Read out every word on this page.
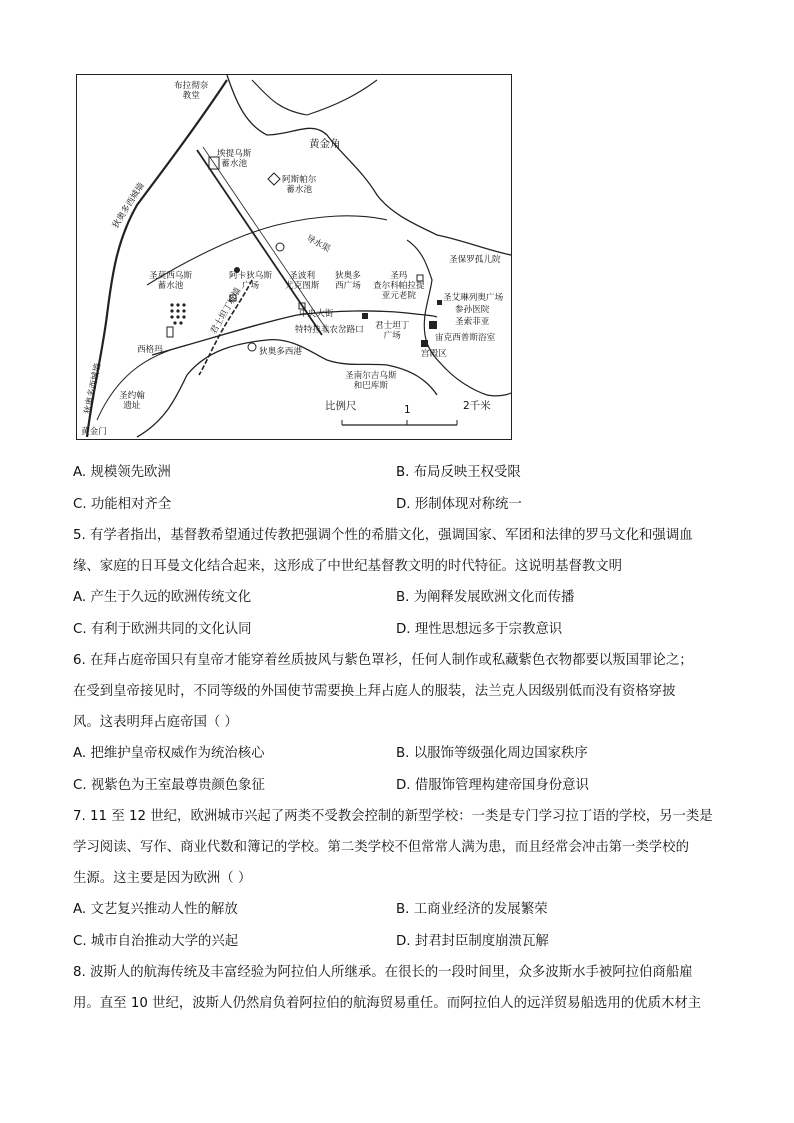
布拉彻奈
教堂
黄金角
埃提乌斯
蓄水池
阿斯帕尔
蓄水池
狄奥多西城墙
导水渠
圣莫西乌斯
蓄水池
君士坦丁城墙
阿卡狄乌斯
广场
圣波利
尤克图斯
狄奥多
西广场
圣玛
查尔科帕拉提
亚元老院
圣保罗孤儿院
圣艾琳列奥广场
参孙医院
圣索菲亚
中央大街
特特拉非农岔路口 君士坦丁
广场	宙克西普斯浴室
宫殿区
西格玛	狄奥多西港
圣南尔吉乌斯
和巴库斯
圣约翰
遗址
狄奥多西城墙
黄金门
比例尺	1	2千米
A. 规模领先欧洲	B. 布局反映王权受限
C. 功能相对齐全	D. 形制体现对称统一
5. 有学者指出，基督教希望通过传教把强调个性的希腊文化，强调国家、军团和法律的罗马文化和强调血
缘、家庭的日耳曼文化结合起来，这形成了中世纪基督教文明的时代特征。这说明基督教文明
A. 产生于久远的欧洲传统文化	B. 为阐释发展欧洲文化而传播
C. 有利于欧洲共同的文化认同	D. 理性思想远多于宗教意识
6. 在拜占庭帝国只有皇帝才能穿着丝质披风与紫色罩衫，任何人制作或私藏紫色衣物都要以叛国罪论之；
在受到皇帝接见时，不同等级的外国使节需要换上拜占庭人的服装，法兰克人因级别低而没有资格穿披
风。这表明拜占庭帝国（ ）
A. 把维护皇帝权威作为统治核心	B. 以服饰等级强化周边国家秩序
C. 视紫色为王室最尊贵颜色象征	D. 借服饰管理构建帝国身份意识
7. 11 至 12 世纪，欧洲城市兴起了两类不受教会控制的新型学校：一类是专门学习拉丁语的学校，另一类是
学习阅读、写作、商业代数和簿记的学校。第二类学校不但常常人满为患，而且经常会冲击第一类学校的
生源。这主要是因为欧洲（ ）
A. 文艺复兴推动人性的解放	B. 工商业经济的发展繁荣
C. 城市自治推动大学的兴起	D. 封君封臣制度崩溃瓦解
8. 波斯人的航海传统及丰富经验为阿拉伯人所继承。在很长的一段时间里，众多波斯水手被阿拉伯商船雇
用。直至 10 世纪，波斯人仍然肩负着阿拉伯的航海贸易重任。而阿拉伯人的远洋贸易船选用的优质木材主
